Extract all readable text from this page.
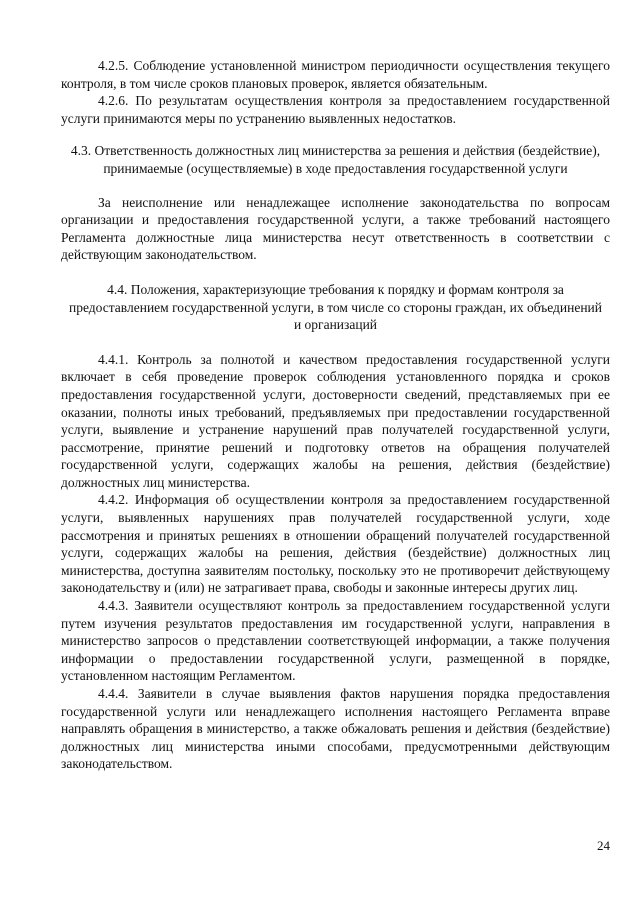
4.2.5. Соблюдение установленной министром периодичности осуществления текущего контроля, в том числе сроков плановых проверок, является обязательным.

4.2.6. По результатам осуществления контроля за предоставлением государственной услуги принимаются меры по устранению выявленных недостатков.

4.3. Ответственность должностных лиц министерства за решения и действия (бездействие), принимаемые (осуществляемые) в ходе предоставления государственной услуги

За неисполнение или ненадлежащее исполнение законодательства по вопросам организации и предоставления государственной услуги, а также требований настоящего Регламента должностные лица министерства несут ответственность в соответствии с действующим законодательством.

4.4. Положения, характеризующие требования к порядку и формам контроля за предоставлением государственной услуги, в том числе со стороны граждан, их объединений и организаций

4.4.1. Контроль за полнотой и качеством предоставления государственной услуги включает в себя проведение проверок соблюдения установленного порядка и сроков предоставления государственной услуги, достоверности сведений, представляемых при ее оказании, полноты иных требований, предъявляемых при предоставлении государственной услуги, выявление и устранение нарушений прав получателей государственной услуги, рассмотрение, принятие решений и подготовку ответов на обращения получателей государственной услуги, содержащих жалобы на решения, действия (бездействие) должностных лиц министерства.

4.4.2. Информация об осуществлении контроля за предоставлением государственной услуги, выявленных нарушениях прав получателей государственной услуги, ходе рассмотрения и принятых решениях в отношении обращений получателей государственной услуги, содержащих жалобы на решения, действия (бездействие) должностных лиц министерства, доступна заявителям постольку, поскольку это не противоречит действующему законодательству и (или) не затрагивает права, свободы и законные интересы других лиц.

4.4.3. Заявители осуществляют контроль за предоставлением государственной услуги путем изучения результатов предоставления им государственной услуги, направления в министерство запросов о представлении соответствующей информации, а также получения информации о предоставлении государственной услуги, размещенной в порядке, установленном настоящим Регламентом.

4.4.4. Заявители в случае выявления фактов нарушения порядка предоставления государственной услуги или ненадлежащего исполнения настоящего Регламента вправе направлять обращения в министерство, а также обжаловать решения и действия (бездействие) должностных лиц министерства иными способами, предусмотренными действующим законодательством.

24
